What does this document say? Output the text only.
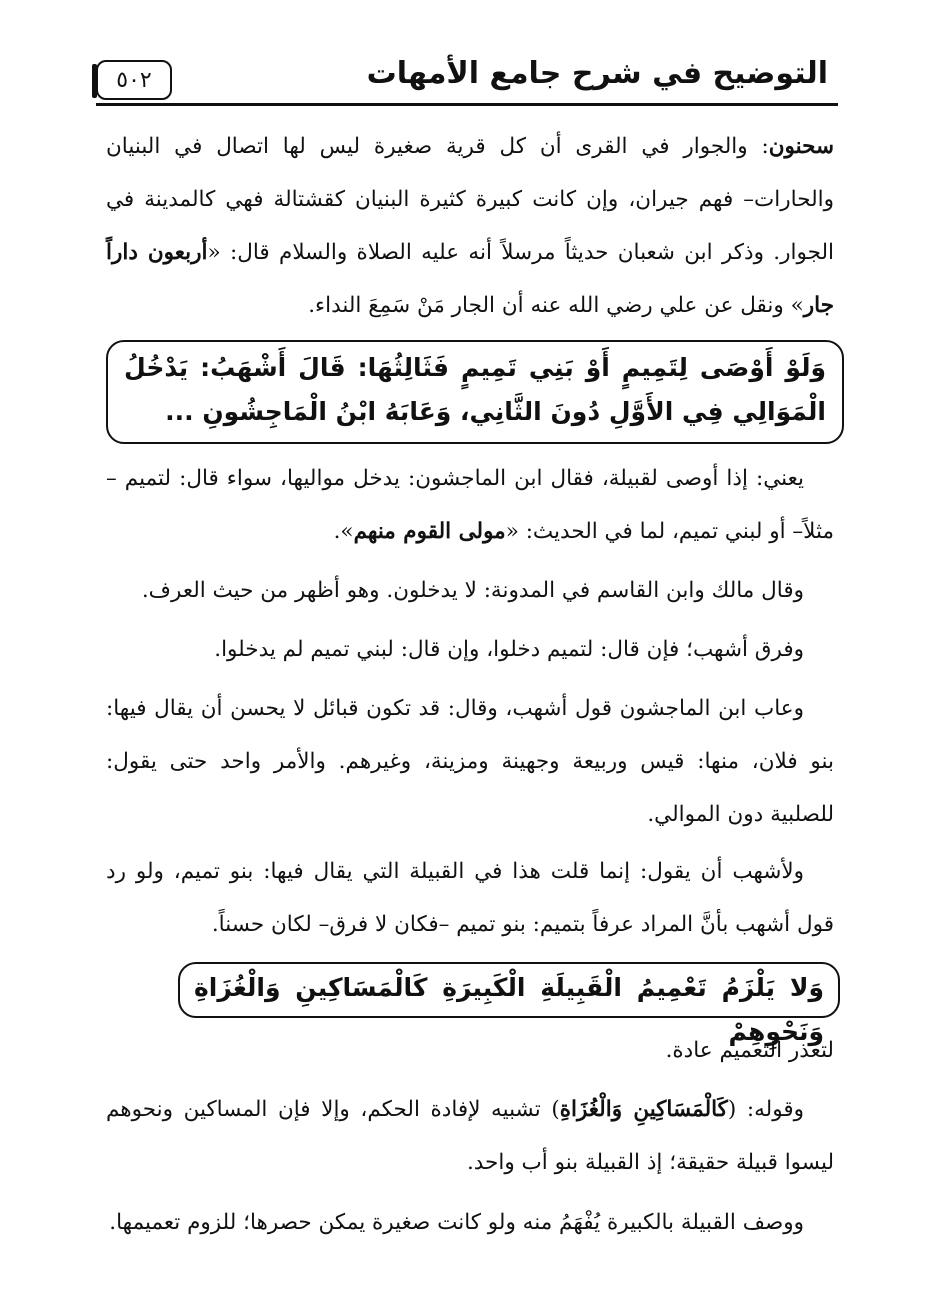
التوضيح في شرح جامع الأمهات
٥٠٢
سحنون: والجوار في القرى أن كل قرية صغيرة ليس لها اتصال في البنيان والحارات– فهم جيران، وإن كانت كبيرة كثيرة البنيان كقشتالة فهي كالمدينة في الجوار. وذكر ابن شعبان حديثاً مرسلاً أنه عليه الصلاة والسلام قال: «أربعون داراً جار» ونقل عن علي رضي الله عنه أن الجار مَنْ سَمِعَ النداء.
وَلَوْ أَوْصَى لِتَمِيمٍ أَوْ بَنِي تَمِيمٍ فَثَالِثُهَا: قَالَ أَشْهَبُ: يَدْخُلُ الْمَوَالِي فِي الأَوَّلِ دُونَ الثَّانِي، وَعَابَهُ ابْنُ الْمَاجِشُونِ ...
يعني: إذا أوصى لقبيلة، فقال ابن الماجشون: يدخل مواليها، سواء قال: لتميم – مثلاً– أو لبني تميم، لما في الحديث: «مولى القوم منهم».
وقال مالك وابن القاسم في المدونة: لا يدخلون. وهو أظهر من حيث العرف.
وفرق أشهب؛ فإن قال: لتميم دخلوا، وإن قال: لبني تميم لم يدخلوا.
وعاب ابن الماجشون قول أشهب، وقال: قد تكون قبائل لا يحسن أن يقال فيها: بنو فلان، منها: قيس وربيعة وجهينة ومزينة، وغيرهم. والأمر واحد حتى يقول: للصلبية دون الموالي.
ولأشهب أن يقول: إنما قلت هذا في القبيلة التي يقال فيها: بنو تميم، ولو رد قول أشهب بأنَّ المراد عرفاً بتميم: بنو تميم –فكان لا فرق– لكان حسناً.
وَلا يَلْزَمُ تَعْمِيمُ الْقَبِيلَةِ الْكَبِيرَةِ كَالْمَسَاكِينِ وَالْغُزَاةِ وَنَحْوِهِمْ
لتعذر التعميم عادة.
وقوله: (كَالْمَسَاكِينِ وَالْغُزَاةِ) تشبيه لإفادة الحكم، وإلا فإن المساكين ونحوهم ليسوا قبيلة حقيقة؛ إذ القبيلة بنو أب واحد.
ووصف القبيلة بالكبيرة يُفْهَمُ منه ولو كانت صغيرة يمكن حصرها؛ للزوم تعميمها.
